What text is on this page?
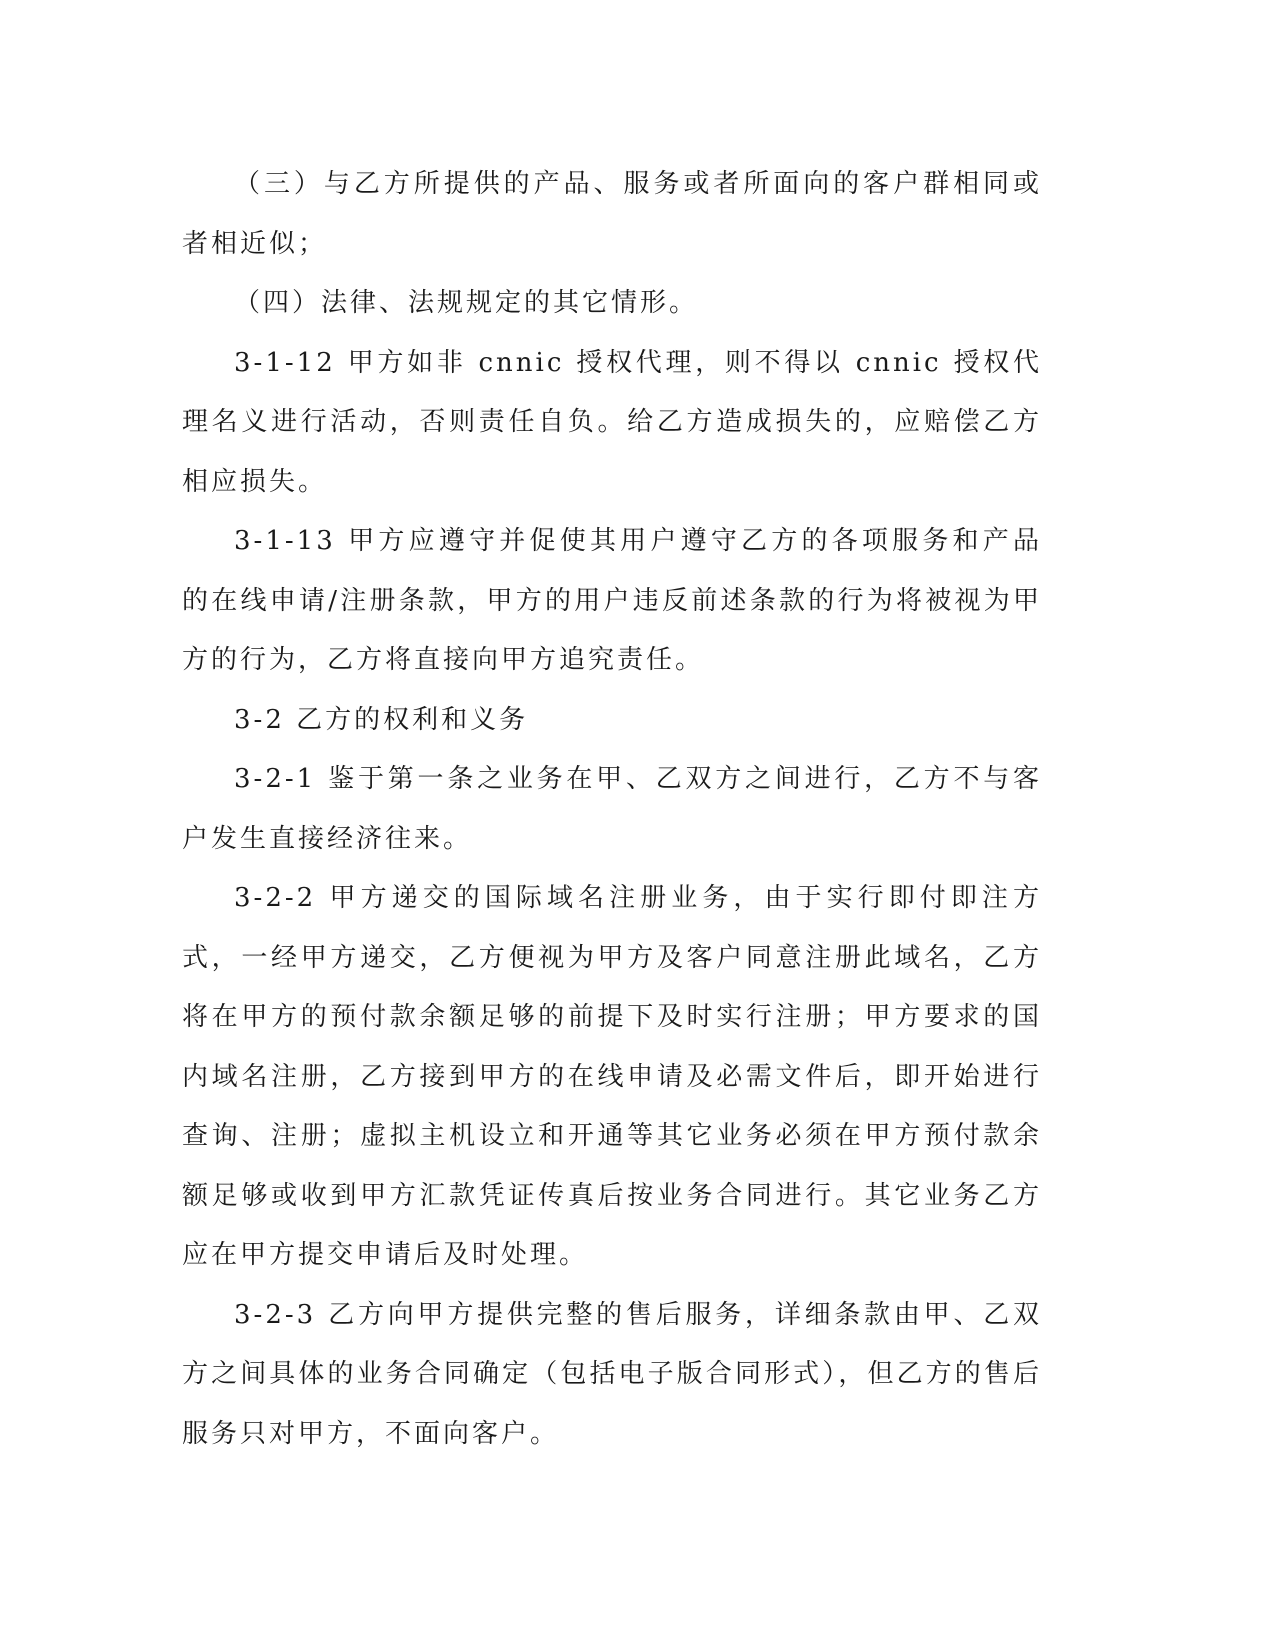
（三）与乙方所提供的产品、服务或者所面向的客户群相同或者相近似；

（四）法律、法规规定的其它情形。

3-1-12 甲方如非 cnnic 授权代理，则不得以 cnnic 授权代理名义进行活动，否则责任自负。给乙方造成损失的，应赔偿乙方相应损失。

3-1-13 甲方应遵守并促使其用户遵守乙方的各项服务和产品的在线申请/注册条款，甲方的用户违反前述条款的行为将被视为甲方的行为，乙方将直接向甲方追究责任。

3-2 乙方的权利和义务

3-2-1 鉴于第一条之业务在甲、乙双方之间进行，乙方不与客户发生直接经济往来。

3-2-2 甲方递交的国际域名注册业务，由于实行即付即注方式，一经甲方递交，乙方便视为甲方及客户同意注册此域名，乙方将在甲方的预付款余额足够的前提下及时实行注册；甲方要求的国内域名注册，乙方接到甲方的在线申请及必需文件后，即开始进行查询、注册；虚拟主机设立和开通等其它业务必须在甲方预付款余额足够或收到甲方汇款凭证传真后按业务合同进行。其它业务乙方应在甲方提交申请后及时处理。

3-2-3 乙方向甲方提供完整的售后服务，详细条款由甲、乙双方之间具体的业务合同确定（包括电子版合同形式），但乙方的售后服务只对甲方，不面向客户。
